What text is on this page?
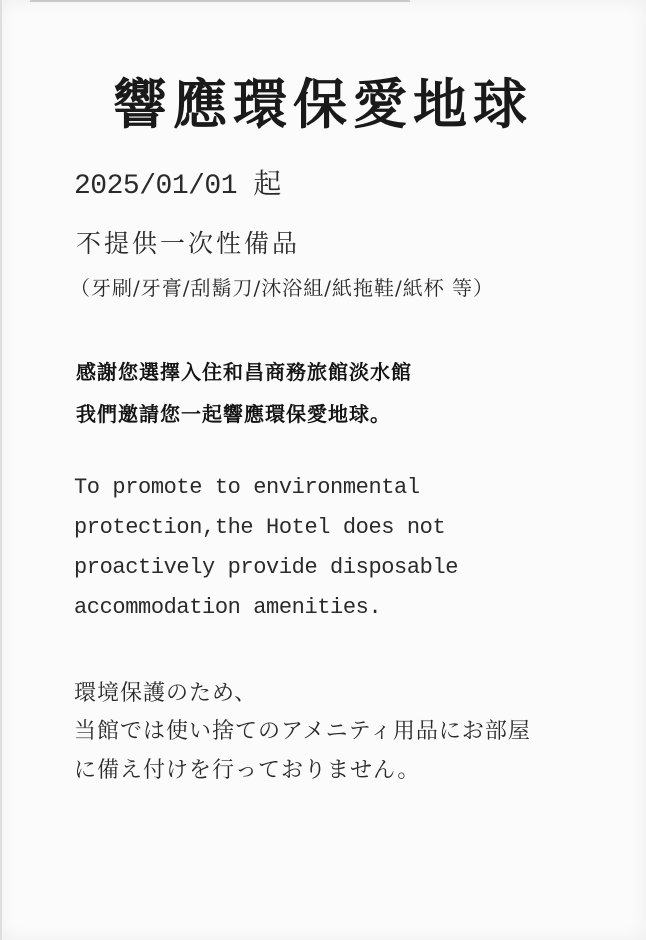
響應環保愛地球

2025/01/01 起

不提供一次性備品

（牙刷/牙膏/刮鬍刀/沐浴組/紙拖鞋/紙杯 等）

感謝您選擇入住和昌商務旅館淡水館

我們邀請您一起響應環保愛地球。

To promote to environmental

protection,the Hotel does not

proactively provide disposable

accommodation amenities.

環境保護のため、

当館では使い捨てのアメニティ用品にお部屋

に備え付けを行っておりません。
